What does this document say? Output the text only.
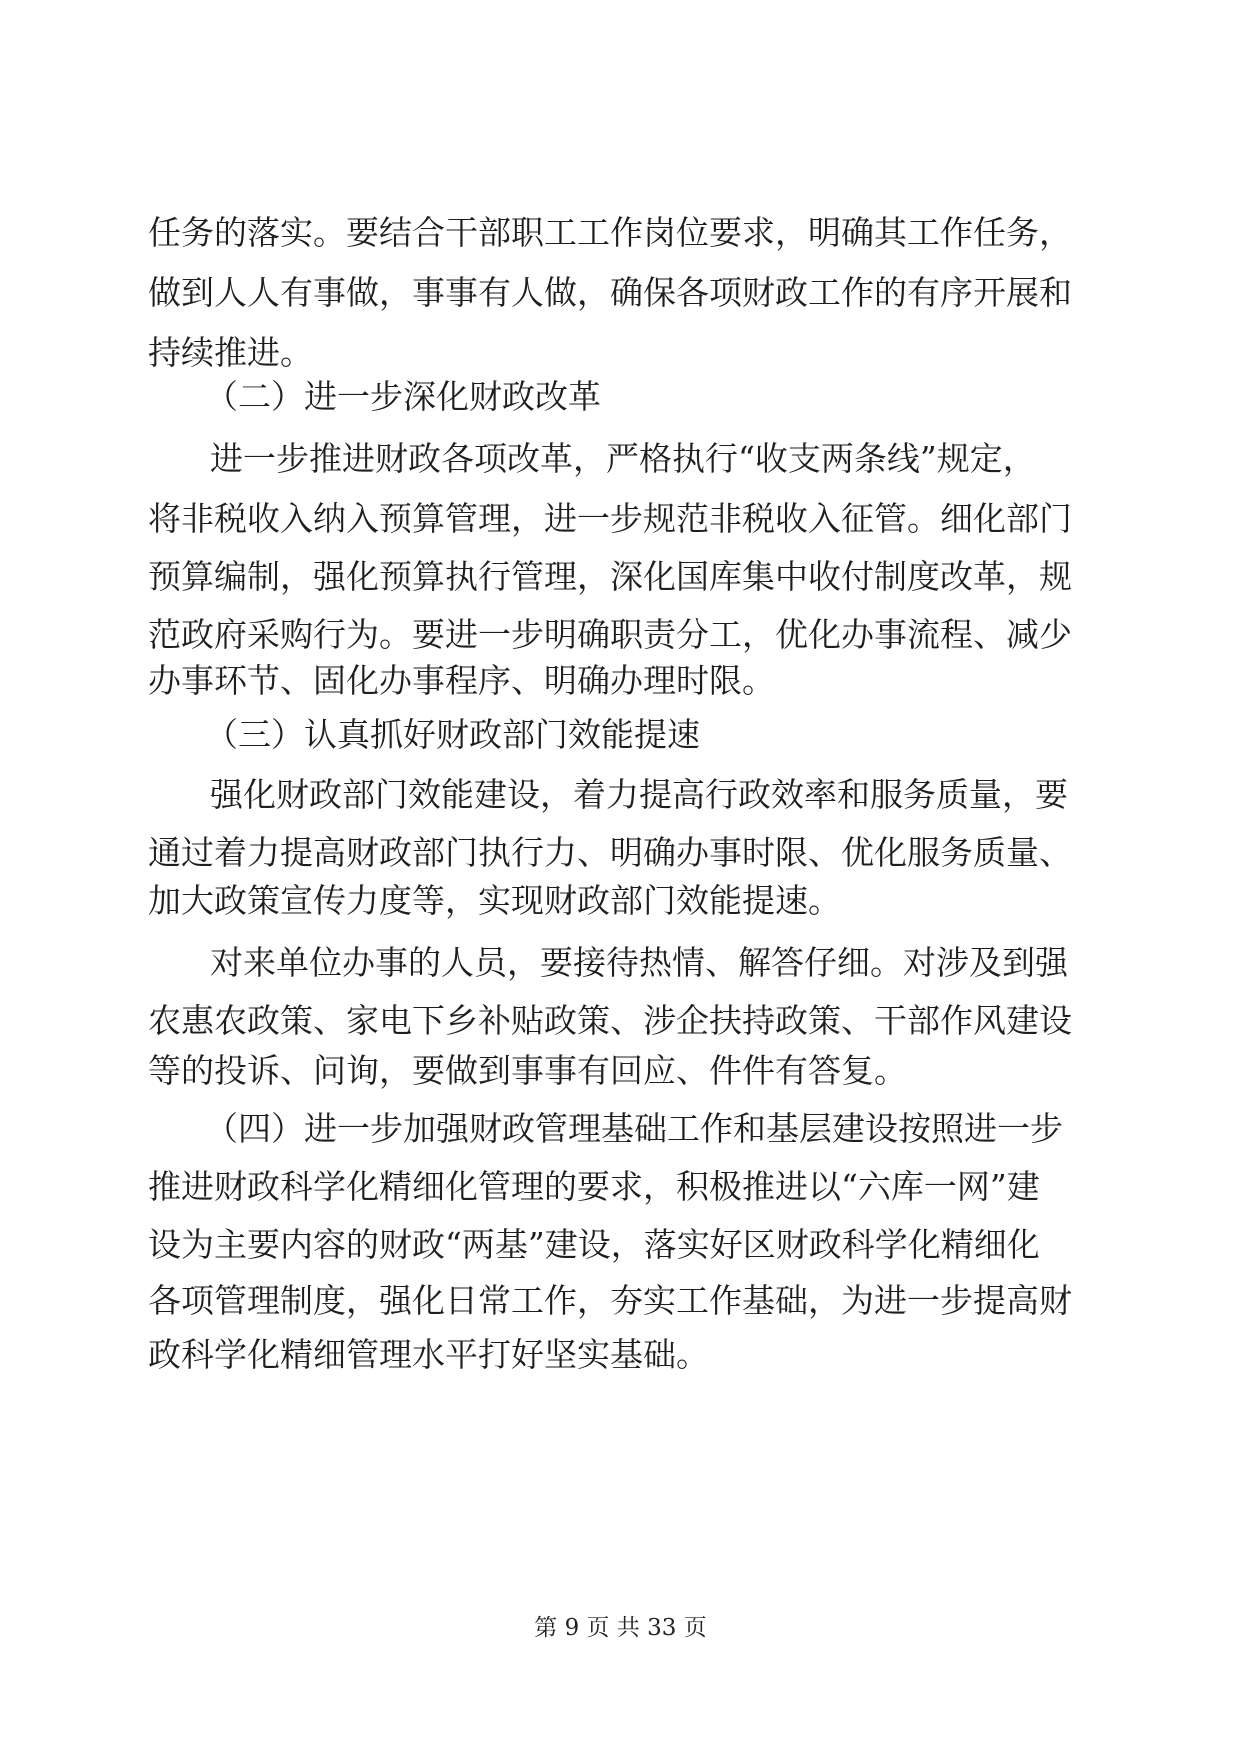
任务的落实。要结合干部职工工作岗位要求，明确其工作任务，
做到人人有事做，事事有人做，确保各项财政工作的有序开展和
持续推进。
（二）进一步深化财政改革
进一步推进财政各项改革，严格执行“收支两条线”规定，
将非税收入纳入预算管理，进一步规范非税收入征管。细化部门
预算编制，强化预算执行管理，深化国库集中收付制度改革，规
范政府采购行为。要进一步明确职责分工，优化办事流程、减少
办事环节、固化办事程序、明确办理时限。
（三）认真抓好财政部门效能提速
强化财政部门效能建设，着力提高行政效率和服务质量，要
通过着力提高财政部门执行力、明确办事时限、优化服务质量、
加大政策宣传力度等，实现财政部门效能提速。
对来单位办事的人员，要接待热情、解答仔细。对涉及到强
农惠农政策、家电下乡补贴政策、涉企扶持政策、干部作风建设
等的投诉、问询，要做到事事有回应、件件有答复。
（四）进一步加强财政管理基础工作和基层建设按照进一步
推进财政科学化精细化管理的要求，积极推进以“六库一网”建
设为主要内容的财政“两基”建设，落实好区财政科学化精细化
各项管理制度，强化日常工作，夯实工作基础，为进一步提高财
政科学化精细管理水平打好坚实基础。
第 9 页 共 33 页
